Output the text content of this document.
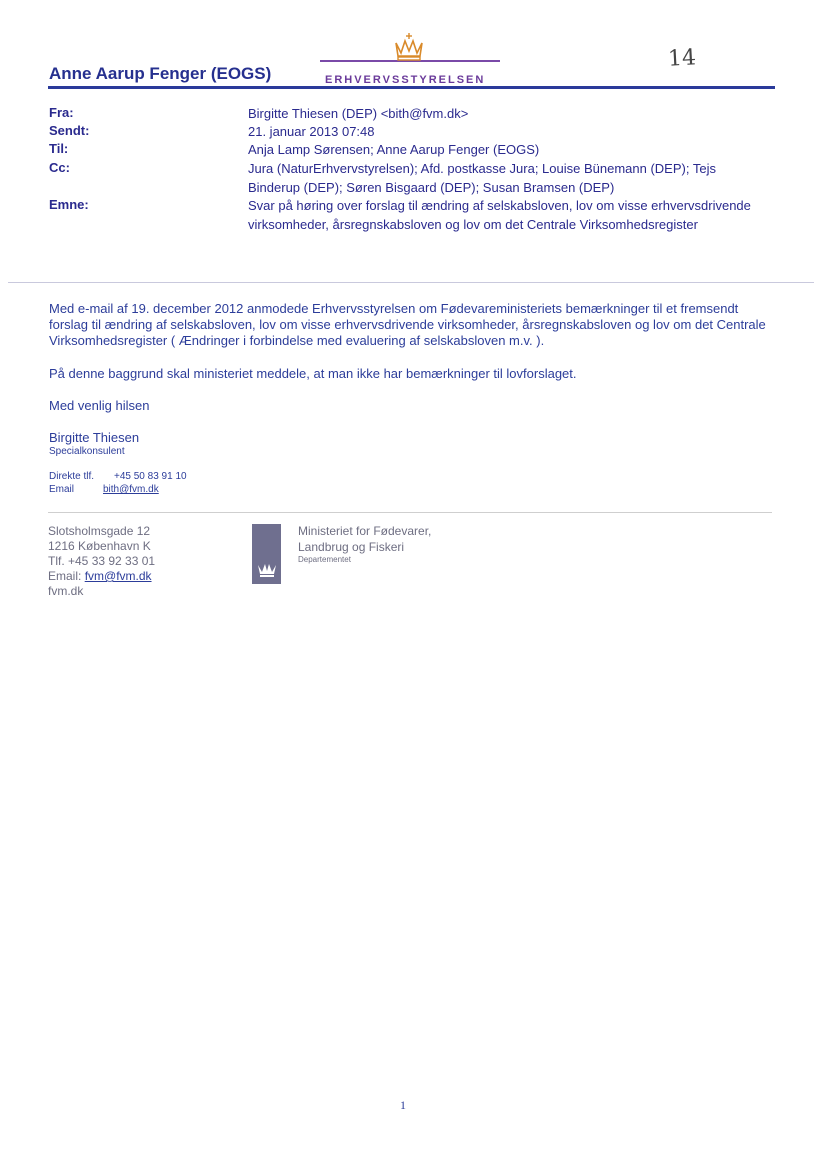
Anne Aarup Fenger (EOGS)	ERHVERVSSTYRELSEN
14
Fra:	Birgitte Thiesen (DEP) <bith@fvm.dk>
Sendt:	21. januar 2013 07:48
Til:	Anja Lamp Sørensen; Anne Aarup Fenger (EOGS)
Cc:	Jura (NaturErhvervstyrelsen); Afd. postkasse Jura; Louise Bünemann (DEP); Tejs Binderup (DEP); Søren Bisgaard (DEP); Susan Bramsen (DEP)
Emne:	Svar på høring over forslag til ændring af selskabsloven, lov om visse erhvervsdrivende virksomheder, årsregnskabsloven og lov om det Centrale Virksomhedsregister
Med e-mail af 19. december 2012 anmodede Erhvervsstyrelsen om Fødevareministeriets bemærkninger til et fremsendt forslag til ændring af selskabsloven, lov om visse erhvervsdrivende virksomheder, årsregnskabsloven og lov om det Centrale Virksomhedsregister ( Ændringer i forbindelse med evaluering af selskabsloven m.v. ).
På denne baggrund skal ministeriet meddele, at man ikke har bemærkninger til lovforslaget.
Med venlig hilsen
Birgitte Thiesen
Specialkonsulent
Direkte tlf. +45 50 83 91 10
Email	bith@fvm.dk
Slotsholmsgade 12
1216 København K
Tlf. +45 33 92 33 01
Email: fvm@fvm.dk
fvm.dk
Ministeriet for Fødevarer,
Landbrug og Fiskeri
Departementet
1
